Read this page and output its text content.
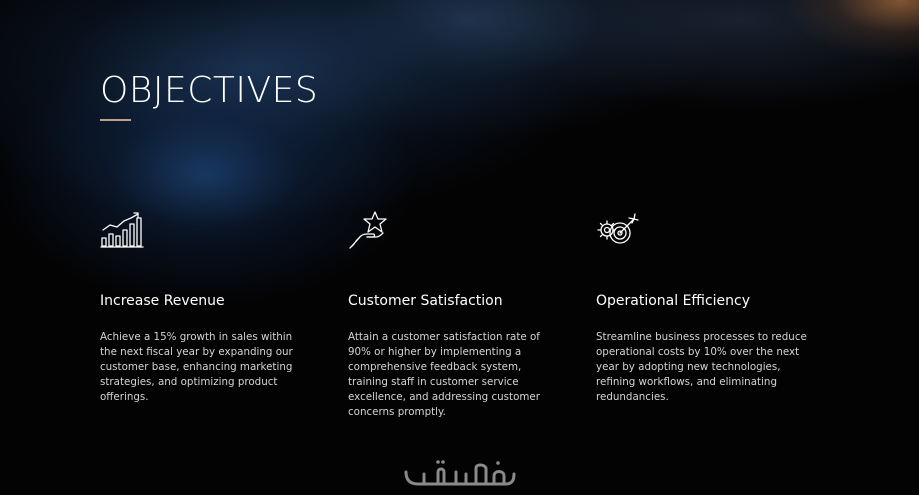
OBJECTIVES
Increase Revenue

Achieve a 15% growth in sales within the next fiscal year by expanding our customer base, enhancing marketing strategies, and optimizing product offerings.

Customer Satisfaction

Attain a customer satisfaction rate of 90% or higher by implementing a comprehensive feedback system, training staff in customer service excellence, and addressing customer concerns promptly.

Operational Efficiency

Streamline business processes to reduce operational costs by 10% over the next year by adopting new technologies, refining workflows, and eliminating redundancies.
